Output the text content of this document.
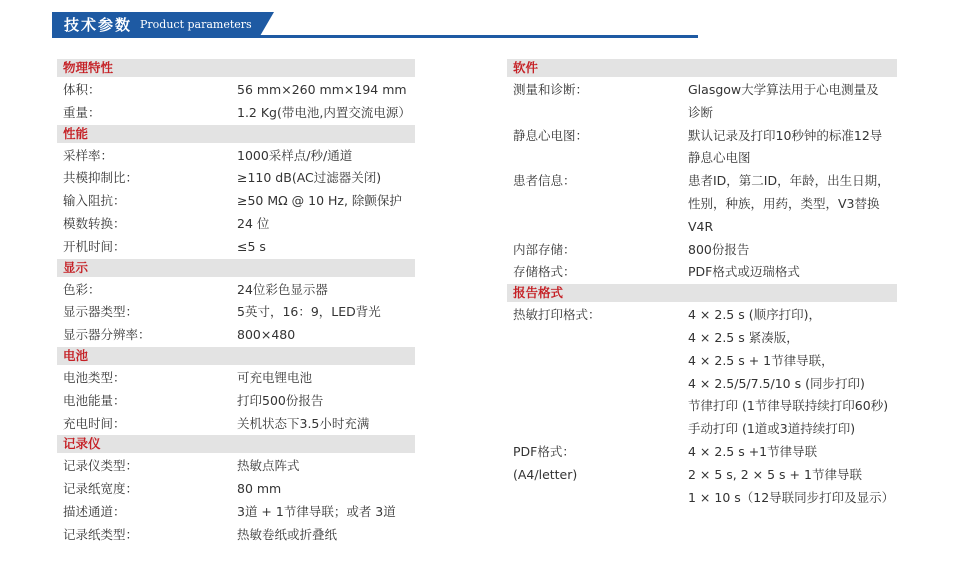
技术参数 Product parameters
物理特性
体积：	56 mm×260 mm×194 mm
重量：	1.2 Kg(带电池,内置交流电源）
性能
采样率：	1000采样点/秒/通道
共模抑制比：	≥110 dB(AC过滤器关闭)
输入阻抗：	≥50 MΩ @ 10 Hz, 除颤保护
模数转换：	24 位
开机时间：	≤5 s
显示
色彩：	24位彩色显示器
显示器类型：	5英寸，16：9，LED背光
显示器分辨率：	800×480
电池
电池类型：	可充电锂电池
电池能量：	打印500份报告
充电时间：	关机状态下3.5小时充满
记录仪
记录仪类型：	热敏点阵式
记录纸宽度：	80 mm
描述通道：	3道 + 1节律导联；或者 3道
记录纸类型：	热敏卷纸或折叠纸
软件
测量和诊断：	Glasgow大学算法用于心电测量及
诊断
静息心电图：	默认记录及打印10秒钟的标准12导
静息心电图
患者信息：	患者ID，第二ID，年龄，出生日期，
性别，种族，用药，类型，V3替换
V4R
内部存储：	800份报告
存储格式：	PDF格式或迈瑞格式
报告格式
热敏打印格式：	4 × 2.5 s (顺序打印)，
4 × 2.5 s 紧凑版，
4 × 2.5 s + 1节律导联，
4 × 2.5/5/7.5/10 s (同步打印)
节律打印 (1节律导联持续打印60秒)
手动打印 (1道或3道持续打印)
PDF格式：	4 × 2.5 s +1节律导联
(A4/letter)	2 × 5 s, 2 × 5 s + 1节律导联
1 × 10 s（12导联同步打印及显示）
